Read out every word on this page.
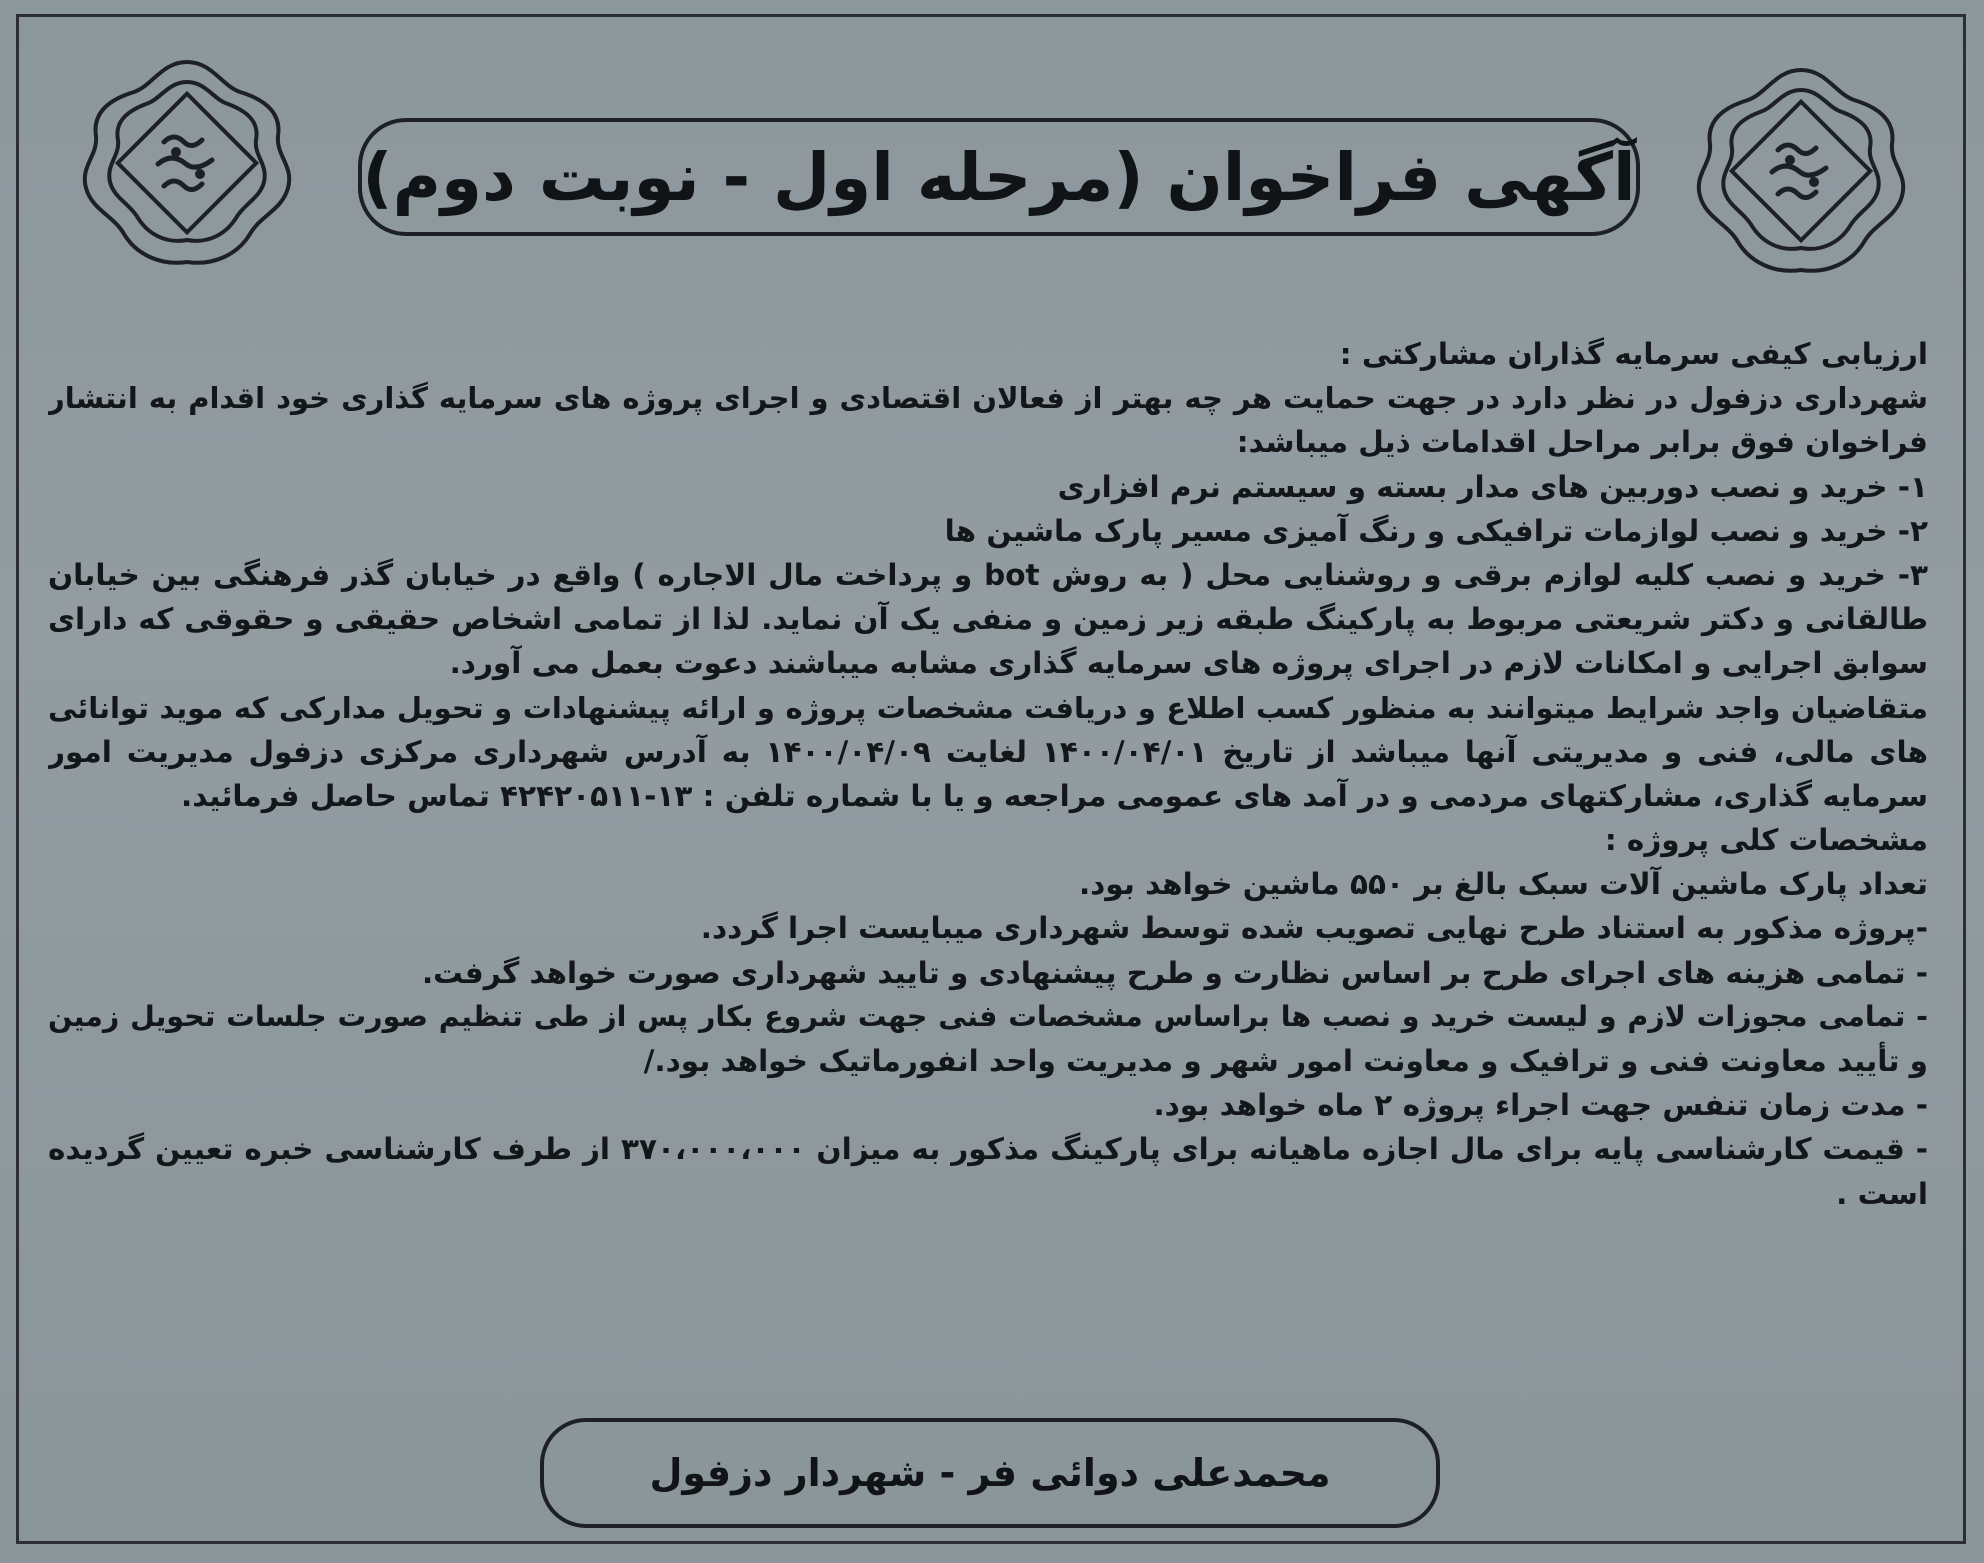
آگهی فراخوان (مرحله اول - نوبت دوم)
ارزیابی کیفی سرمایه گذاران مشارکتی :
شهرداری دزفول در نظر دارد در جهت حمایت هر چه بهتر از فعالان اقتصادی و اجرای پروژه های سرمایه گذاری خود اقدام به انتشار
فراخوان فوق برابر مراحل اقدامات ذیل میباشد:
۱- خرید و نصب دوربین های مدار بسته و سیستم نرم افزاری
۲- خرید و نصب لوازمات ترافیکی و رنگ آمیزی مسیر پارک ماشین ها
۳- خرید و نصب کلیه لوازم برقی و روشنایی محل ( به روش bot و پرداخت مال الاجاره ) واقع در خیابان گذر فرهنگی بین خیابان
طالقانی و دکتر شریعتی مربوط به پارکینگ طبقه زیر زمین و منفی یک آن نماید. لذا از تمامی اشخاص حقیقی و حقوقی که دارای
سوابق اجرایی و امکانات لازم در اجرای پروژه های سرمایه گذاری مشابه میباشند دعوت بعمل می آورد.
متقاضیان واجد شرایط میتوانند به منظور کسب اطلاع و دریافت مشخصات پروژه و ارائه پیشنهادات و تحویل مدارکی که موید توانائی
های مالی، فنی و مدیریتی آنها میباشد از تاریخ ۱۴۰۰/۰۴/۰۱ لغایت ۱۴۰۰/۰۴/۰۹ به آدرس شهرداری مرکزی دزفول مدیریت امور
سرمایه گذاری، مشارکتهای مردمی و در آمد های عمومی مراجعه و یا با شماره تلفن : ۱۳-۴۲۴۲۰۵۱۱ تماس حاصل فرمائید.
مشخصات کلی پروژه :
تعداد پارک ماشین آلات سبک بالغ بر ۵۵۰ ماشین خواهد بود.
-پروژه مذکور به استناد طرح نهایی تصویب شده توسط شهرداری میبایست اجرا گردد.
- تمامی هزینه های اجرای طرح بر اساس نظارت و طرح پیشنهادی و تایید شهرداری صورت خواهد گرفت.
- تمامی مجوزات لازم و لیست خرید و نصب ها براساس مشخصات فنی جهت شروع بکار پس از طی تنظیم صورت جلسات تحویل زمین
و تأیید معاونت فنی و ترافیک و معاونت امور شهر و مدیریت واحد انفورماتیک خواهد بود./
- مدت زمان تنفس جهت اجراء پروژه ۲ ماه خواهد بود.
- قیمت کارشناسی پایه برای مال اجازه ماهیانه برای پارکینگ مذکور به میزان ۳۷۰،۰۰۰،۰۰۰ از طرف کارشناسی خبره تعیین گردیده
است .
محمدعلی دوائی فر - شهردار دزفول
